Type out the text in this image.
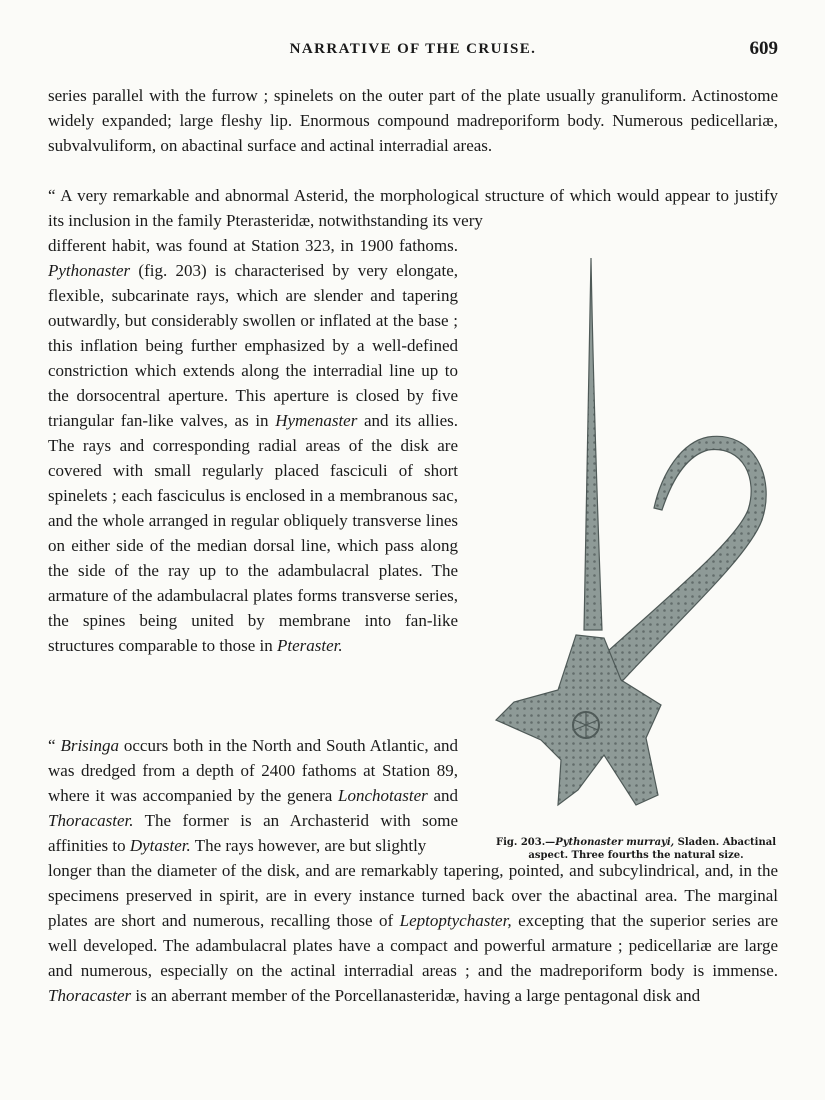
NARRATIVE OF THE CRUISE.	609

series parallel with the furrow ; spinelets on the outer part of the plate usually granuliform. Actinostome widely expanded; large fleshy lip. Enormous compound madreporiform body. Numerous pedicellariæ, subvalvuliform, on abactinal surface and actinal interradial areas.

“ A very remarkable and abnormal Asterid, the morphological structure of which would appear to justify its inclusion in the family Pterasteridæ, notwithstanding its very

different habit, was found at Station 323, in 1900 fathoms. Pythonaster (fig. 203) is characterised by very elongate, flexible, subcarinate rays, which are slender and tapering outwardly, but considerably swollen or inflated at the base ; this inflation being further emphasized by a well-defined constriction which extends along the interradial line up to the dorsocentral aperture. This aperture is closed by five triangular fan-like valves, as in Hymenaster and its allies. The rays and corresponding radial areas of the disk are covered with small regularly placed fasciculi of short spinelets ; each fasciculus is enclosed in a membranous sac, and the whole arranged in regular obliquely transverse lines on either side of the median dorsal line, which pass along the side of the ray up to the adambulacral plates. The armature of the adambulacral plates forms transverse series, the spines being united by membrane into fan-like structures comparable to those in Pteraster.

“ Brisinga occurs both in the North and South Atlantic, and was dredged from a depth of 2400 fathoms at Station 89, where it was accompanied by the genera Lonchotaster and Thoracaster. The former is an Archasterid with some affinities to Dytaster. The rays however, are but slightly

longer than the diameter of the disk, and are remarkably tapering, pointed, and subcylindrical, and, in the specimens preserved in spirit, are in every instance turned back over the abactinal area. The marginal plates are short and numerous, recalling those of Leptoptychaster, excepting that the superior series are well developed. The adambulacral plates have a compact and powerful armature ; pedicellariæ are large and numerous, especially on the actinal interradial areas ; and the madreporiform body is immense. Thoracaster is an aberrant member of the Porcellanasteridæ, having a large pentagonal disk and

Fig. 203.—Pythonaster murrayi, Sladen. Abactinal
aspect. Three fourths the natural size.
